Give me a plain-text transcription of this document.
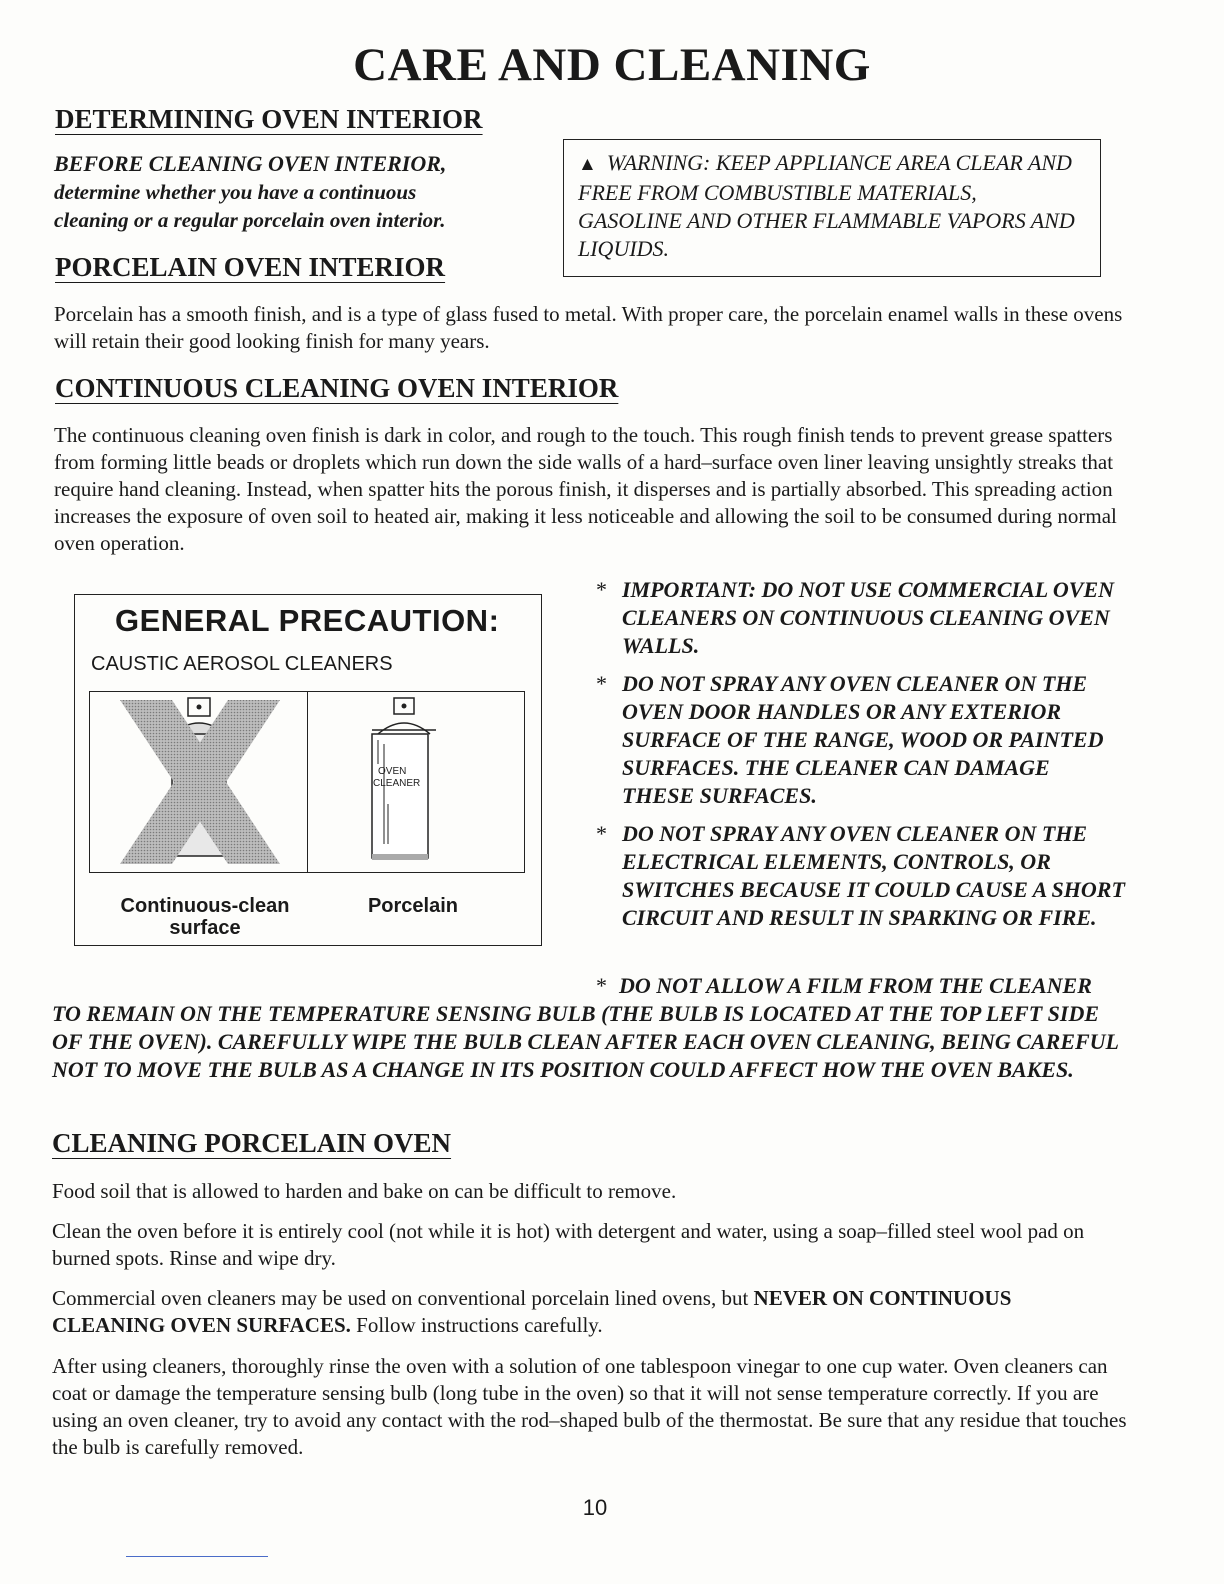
CARE AND CLEANING
DETERMINING OVEN INTERIOR
BEFORE CLEANING OVEN INTERIOR,
determine whether you have a continuous
cleaning or a regular porcelain oven interior.
▲ WARNING: KEEP APPLIANCE AREA CLEAR AND FREE FROM COMBUSTIBLE MATERIALS, GASOLINE AND OTHER FLAMMABLE VAPORS AND LIQUIDS.
PORCELAIN OVEN INTERIOR

Porcelain has a smooth finish, and is a type of glass fused to metal. With proper care, the porcelain enamel walls in these ovens will retain their good looking finish for many years.

CONTINUOUS CLEANING OVEN INTERIOR

The continuous cleaning oven finish is dark in color, and rough to the touch. This rough finish tends to prevent grease spatters from forming little beads or droplets which run down the side walls of a hard–surface oven liner leaving unsightly streaks that require hand cleaning. Instead, when spatter hits the porous finish, it disperses and is partially absorbed. This spreading action increases the exposure of oven soil to heated air, making it less noticeable and allowing the soil to be consumed during normal oven operation.

GENERAL PRECAUTION:
CAUSTIC AEROSOL CLEANERS
OVEN
CLEANER
Continuous-clean
surface
Porcelain
* IMPORTANT: DO NOT USE COMMERCIAL OVEN CLEANERS ON CONTINUOUS CLEANING OVEN WALLS.
* DO NOT SPRAY ANY OVEN CLEANER ON THE OVEN DOOR HANDLES OR ANY EXTERIOR SURFACE OF THE RANGE, WOOD OR PAINTED SURFACES. THE CLEANER CAN DAMAGE THESE SURFACES.
* DO NOT SPRAY ANY OVEN CLEANER ON THE ELECTRICAL ELEMENTS, CONTROLS, OR SWITCHES BECAUSE IT COULD CAUSE A SHORT CIRCUIT AND RESULT IN SPARKING OR FIRE.
* DO NOT ALLOW A FILM FROM THE CLEANER
TO REMAIN ON THE TEMPERATURE SENSING BULB (THE BULB IS LOCATED AT THE TOP LEFT SIDE OF THE OVEN). CAREFULLY WIPE THE BULB CLEAN AFTER EACH OVEN CLEANING, BEING CAREFUL NOT TO MOVE THE BULB AS A CHANGE IN ITS POSITION COULD AFFECT HOW THE OVEN BAKES.
CLEANING PORCELAIN OVEN

Food soil that is allowed to harden and bake on can be difficult to remove.

Clean the oven before it is entirely cool (not while it is hot) with detergent and water, using a soap–filled steel wool pad on burned spots. Rinse and wipe dry.

Commercial oven cleaners may be used on conventional porcelain lined ovens, but NEVER ON CONTINUOUS CLEANING OVEN SURFACES. Follow instructions carefully.

After using cleaners, thoroughly rinse the oven with a solution of one tablespoon vinegar to one cup water. Oven cleaners can coat or damage the temperature sensing bulb (long tube in the oven) so that it will not sense temperature correctly. If you are using an oven cleaner, try to avoid any contact with the rod–shaped bulb of the thermostat. Be sure that any residue that touches the bulb is carefully removed.

10
